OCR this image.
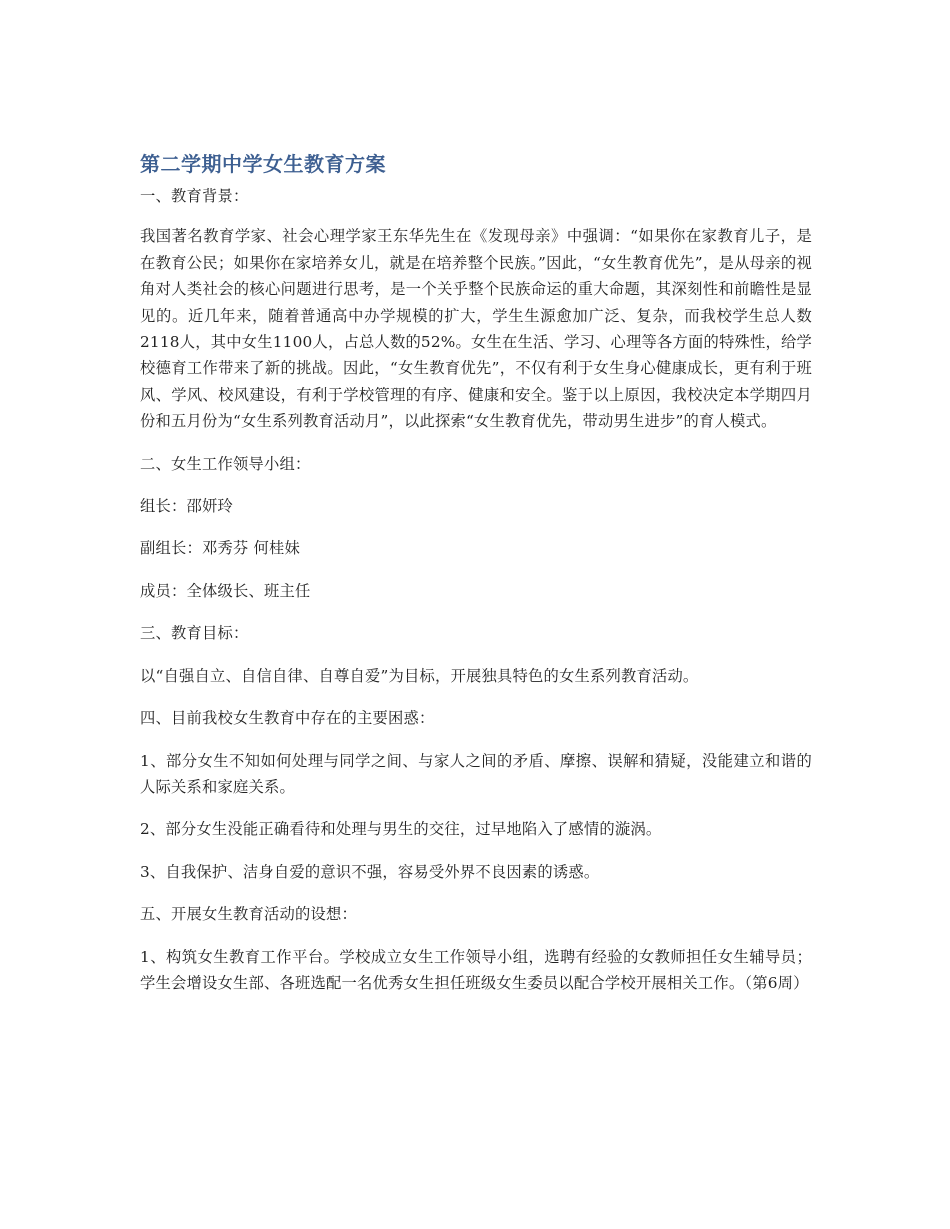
第二学期中学女生教育方案

一、教育背景：

我国著名教育学家、社会心理学家王东华先生在《发现母亲》中强调：“如果你在家教育儿子，是在教育公民；如果你在家培养女儿，就是在培养整个民族。”因此，“女生教育优先”，是从母亲的视角对人类社会的核心问题进行思考，是一个关乎整个民族命运的重大命题，其深刻性和前瞻性是显见的。近几年来，随着普通高中办学规模的扩大，学生生源愈加广泛、复杂，而我校学生总人数2118人，其中女生1100人，占总人数的52%。女生在生活、学习、心理等各方面的特殊性，给学校德育工作带来了新的挑战。因此，“女生教育优先”，不仅有利于女生身心健康成长，更有利于班风、学风、校风建设，有利于学校管理的有序、健康和安全。鉴于以上原因，我校决定本学期四月份和五月份为“女生系列教育活动月”，以此探索“女生教育优先，带动男生进步”的育人模式。

二、女生工作领导小组：

组长：邵妍玲

副组长：邓秀芬 何桂妹

成员：全体级长、班主任

三、教育目标：

以“自强自立、自信自律、自尊自爱”为目标，开展独具特色的女生系列教育活动。

四、目前我校女生教育中存在的主要困惑：

1、部分女生不知如何处理与同学之间、与家人之间的矛盾、摩擦、误解和猜疑，没能建立和谐的人际关系和家庭关系。

2、部分女生没能正确看待和处理与男生的交往，过早地陷入了感情的漩涡。

3、自我保护、洁身自爱的意识不强，容易受外界不良因素的诱惑。

五、开展女生教育活动的设想：

1、构筑女生教育工作平台。学校成立女生工作领导小组，选聘有经验的女教师担任女生辅导员；学生会增设女生部、各班选配一名优秀女生担任班级女生委员以配合学校开展相关工作。（第6周）
